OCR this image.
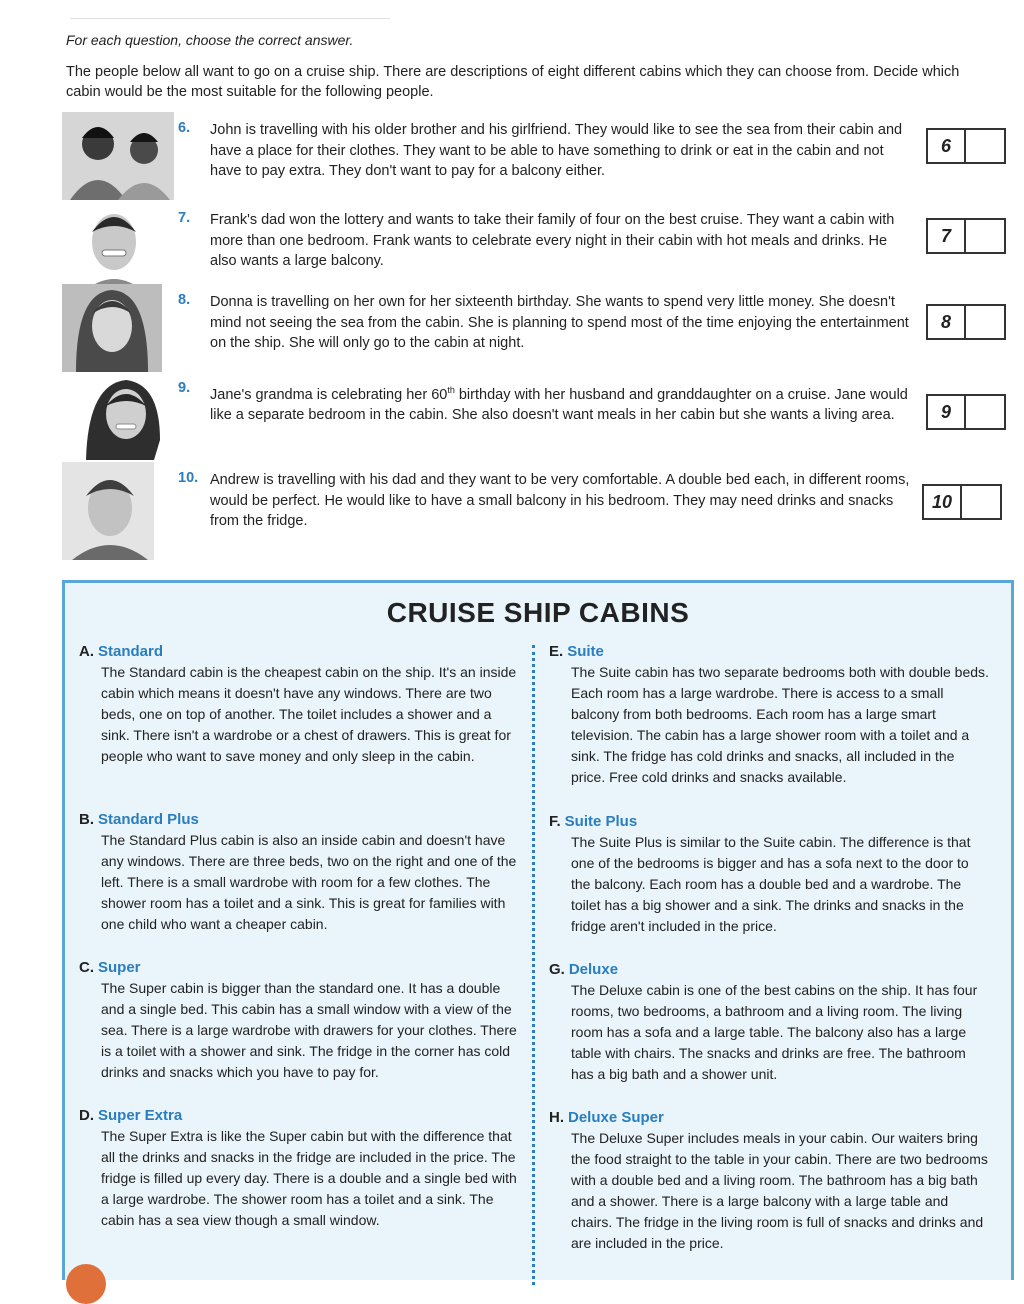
For each question, choose the correct answer.
The people below all want to go on a cruise ship. There are descriptions of eight different cabins which they can choose from. Decide which cabin would be the most suitable for the following people.
6. John is travelling with his older brother and his girlfriend. They would like to see the sea from their cabin and have a place for their clothes. They want to be able to have something to drink or eat in the cabin and not have to pay extra. They don't want to pay for a balcony either.
6
7. Frank's dad won the lottery and wants to take their family of four on the best cruise. They want a cabin with more than one bedroom. Frank wants to celebrate every night in their cabin with hot meals and drinks. He also wants a large balcony.
7
8. Donna is travelling on her own for her sixteenth birthday. She wants to spend very little money. She doesn't mind not seeing the sea from the cabin. She is planning to spend most of the time enjoying the entertainment on the ship. She will only go to the cabin at night.
8
9. Jane's grandma is celebrating her 60th birthday with her husband and granddaughter on a cruise. Jane would like a separate bedroom in the cabin. She also doesn't want meals in her cabin but she wants a living area.	9
10. Andrew is travelling with his dad and they want to be very comfortable. A double bed each, in different rooms, would be perfect. He would like to have a small balcony in his bedroom. They may need drinks and snacks from the fridge.
10
CRUISE SHIP CABINS
A. Standard
The Standard cabin is the cheapest cabin on the ship. It's an inside cabin which means it doesn't have any windows. There are two beds, one on top of another. The toilet includes a shower and a sink. There isn't a wardrobe or a chest of drawers. This is great for people who want to save money and only sleep in the cabin.
B. Standard Plus
The Standard Plus cabin is also an inside cabin and doesn't have any windows. There are three beds, two on the right and one of the left. There is a small wardrobe with room for a few clothes. The shower room has a toilet and a sink. This is great for families with one child who want a cheaper cabin.
C. Super
The Super cabin is bigger than the standard one. It has a double and a single bed. This cabin has a small window with a view of the sea. There is a large wardrobe with drawers for your clothes. There is a toilet with a shower and sink. The fridge in the corner has cold drinks and snacks which you have to pay for.
D. Super Extra
The Super Extra is like the Super cabin but with the difference that all the drinks and snacks in the fridge are included in the price. The fridge is filled up every day. There is a double and a single bed with a large wardrobe. The shower room has a toilet and a sink. The cabin has a sea view though a small window.
E. Suite
The Suite cabin has two separate bedrooms both with double beds. Each room has a large wardrobe. There is access to a small balcony from both bedrooms. Each room has a large smart television. The cabin has a large shower room with a toilet and a sink. The fridge has cold drinks and snacks, all included in the price. Free cold drinks and snacks available.
F. Suite Plus
The Suite Plus is similar to the Suite cabin. The difference is that one of the bedrooms is bigger and has a sofa next to the door to the balcony. Each room has a double bed and a wardrobe. The toilet has a big shower and a sink. The drinks and snacks in the fridge aren't included in the price.
G. Deluxe
The Deluxe cabin is one of the best cabins on the ship. It has four rooms, two bedrooms, a bathroom and a living room. The living room has a sofa and a large table. The balcony also has a large table with chairs. The snacks and drinks are free. The bathroom has a big bath and a shower unit.
H. Deluxe Super
The Deluxe Super includes meals in your cabin. Our waiters bring the food straight to the table in your cabin. There are two bedrooms with a double bed and a living room. The bathroom has a big bath and a shower. There is a large balcony with a large table and chairs. The fridge in the living room is full of snacks and drinks and are included in the price.
